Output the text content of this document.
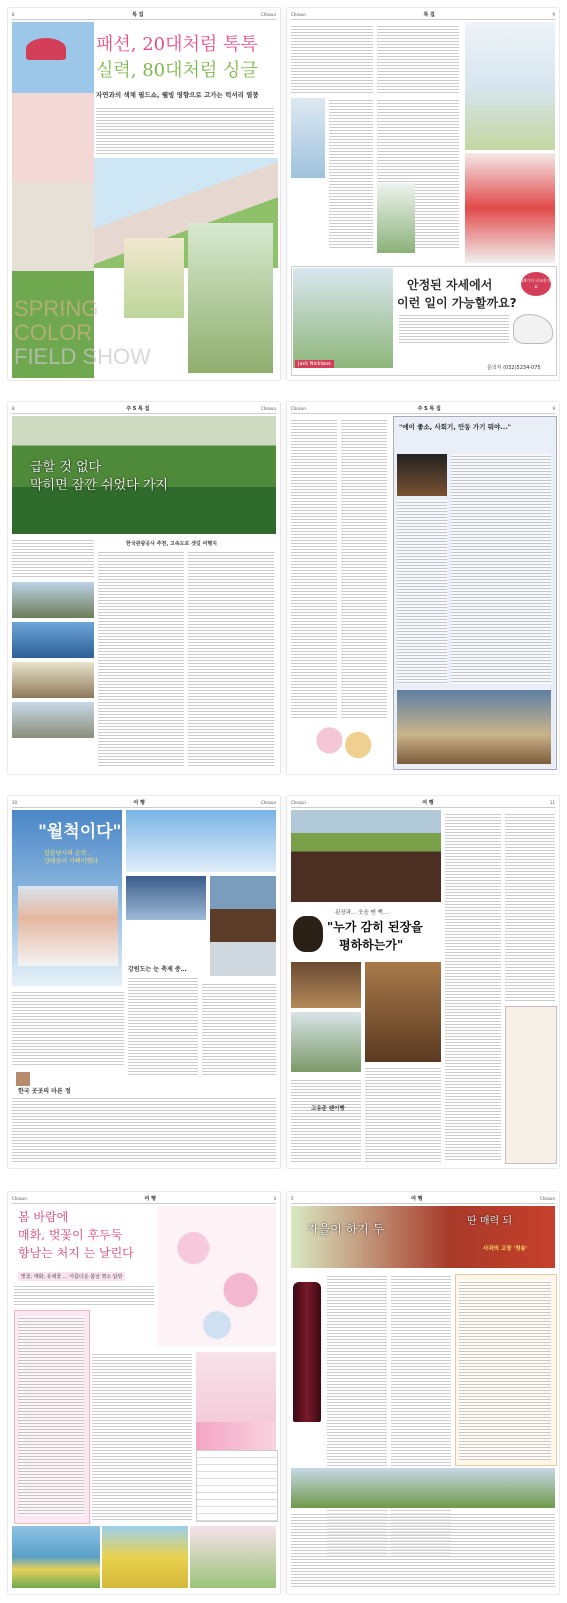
8	특 집	Chosun
패션, 20대처럼 톡톡
실력, 80대처럼 싱글
자연과의 색채 필드쇼, 웰빙 영향으로 고가는 럭셔리 열풍
SPRING
COLOR
FIELD SHOW
Chosun	특 집	9
안정된 자세에서
이런 일이 가능할까요?
10가지 비교분석표
Jack Nicklaus
문의처 (032)5234-075
8	주 5 특 집	Chosun
급할 것 없다
막히면 잠깐 쉬었다 가지
한국관광공사 추천, 고속도로 샛길 여행지
Chosun	주 5 특 집	9
"에이 좋소, 사회기, 안동 가기 뭐야..."
10	여 행	Chosun
"월척이다"
얼음낚시의 손맛…
강태공이 기뻐이했다
강원도는 눈 축제 중…
한국 곳곳의 마른 정
Chosun	여 행	11
된장과… 웃음 맨 뻑…
"누가 감히 된장을
평하하는가"
고유준 팬이빵
Chosun	여 행	4
봄 바람에
매화, 벚꽃이 후두둑
향남는 처지 는 날린다
벚꽃, 매화, 유채꽃 … 아름다운 봄날 명소 탐방
5	여 행	Chosun
가을이 하기 두
딴 매력 되
사과의 고장 '청송'
